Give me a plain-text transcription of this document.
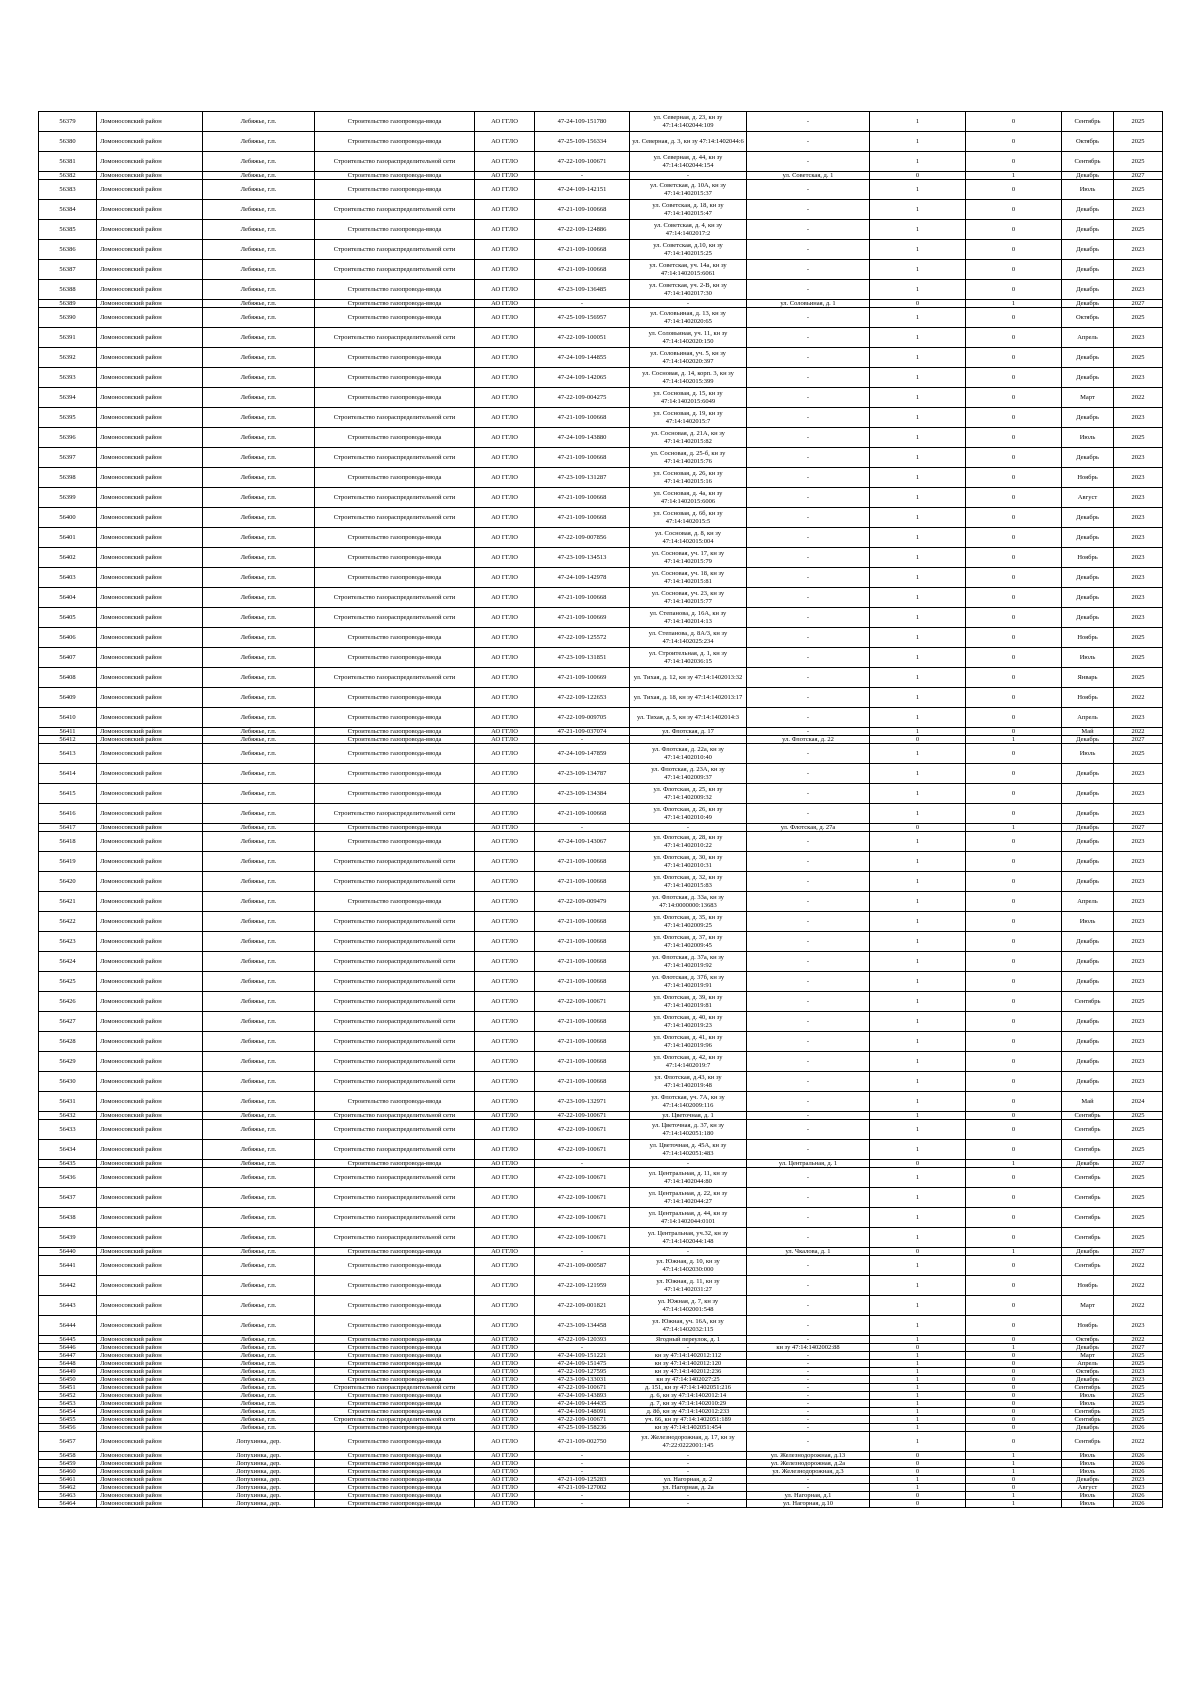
56379	Ломоносовский район	Лебяжье, г.п.	Строительство газопровода-ввода	АО ГГЛО	47-24-109-151780	ул. Северная, д. 23, кн зу 47:14:1402044:109	-	1	0	Сентябрь	2025
56380	Ломоносовский район	Лебяжье, г.п.	Строительство газопровода-ввода	АО ГГЛО	47-25-109-156334	ул. Северная, д. 3, кн зу 47:14:1402044:6	-	1	0	Октябрь	2025
56381	Ломоносовский район	Лебяжье, г.п.	Строительство газораспределительной сети	АО ГГЛО	47-22-109-100671	ул. Северная, д. 44, кн зу 47:14:1402044:154	-	1	0	Сентябрь	2025
56382	Ломоносовский район	Лебяжье, г.п.	Строительство газопровода-ввода	АО ГГЛО	-	-	ул. Советская, д. 1	0	1	Декабрь	2027
56383	Ломоносовский район	Лебяжье, г.п.	Строительство газопровода-ввода	АО ГГЛО	47-24-109-142151	ул. Советская, д. 10А, кн зу 47:14:1402015:37	-	1	0	Июль	2025
56384	Ломоносовский район	Лебяжье, г.п.	Строительство газораспределительной сети	АО ГГЛО	47-21-109-100668	ул. Советская, д. 18, кн зу 47:14:1402015:47	-	1	0	Декабрь	2023
56385	Ломоносовский район	Лебяжье, г.п.	Строительство газопровода-ввода	АО ГГЛО	47-22-109-124886	ул. Советская, д. 4, кн зу 47:14:1402017:2	-	1	0	Декабрь	2025
56386	Ломоносовский район	Лебяжье, г.п.	Строительство газораспределительной сети	АО ГГЛО	47-21-109-100668	ул. Советская, д.10, кн зу 47:14:1402015:25	-	1	0	Декабрь	2023
56387	Ломоносовский район	Лебяжье, г.п.	Строительство газораспределительной сети	АО ГГЛО	47-21-109-100668	ул. Советская, уч. 14а, кн зу 47:14:1402015:6061	-	1	0	Декабрь	2023
56388	Ломоносовский район	Лебяжье, г.п.	Строительство газопровода-ввода	АО ГГЛО	47-23-109-136485	ул. Советская, уч. 2-В, кн зу 47:14:1402017:30	-	1	0	Декабрь	2023
56389	Ломоносовский район	Лебяжье, г.п.	Строительство газопровода-ввода	АО ГГЛО	-	-	ул. Соловьиная, д. 1	0	1	Декабрь	2027
56390	Ломоносовский район	Лебяжье, г.п.	Строительство газопровода-ввода	АО ГГЛО	47-25-109-156957	ул. Соловьиная, д. 13, кн зу 47:14:1402020:65	-	1	0	Октябрь	2025
56391	Ломоносовский район	Лебяжье, г.п.	Строительство газораспределительной сети	АО ГГЛО	47-22-109-100051	ул. Соловьиная, уч. 11, кн зу 47:14:1402020:150	-	1	0	Апрель	2023
56392	Ломоносовский район	Лебяжье, г.п.	Строительство газопровода-ввода	АО ГГЛО	47-24-109-144855	ул. Соловьиная, уч. 5, кн зу 47:14:1402020:397	-	1	0	Декабрь	2025
56393	Ломоносовский район	Лебяжье, г.п.	Строительство газопровода-ввода	АО ГГЛО	47-24-109-142065	ул. Сосновая, д. 14, корп. 3, кн зу 47:14:1402015:399	-	1	0	Декабрь	2023
56394	Ломоносовский район	Лебяжье, г.п.	Строительство газопровода-ввода	АО ГГЛО	47-22-109-004275	ул. Сосновая, д. 15, кн зу 47:14:1402015:6049	-	1	0	Март	2022
56395	Ломоносовский район	Лебяжье, г.п.	Строительство газораспределительной сети	АО ГГЛО	47-21-109-100668	ул. Сосновая, д. 19, кн зу 47:14:1402015:7	-	1	0	Декабрь	2023
56396	Ломоносовский район	Лебяжье, г.п.	Строительство газопровода-ввода	АО ГГЛО	47-24-109-143880	ул. Сосновая, д. 21А, кн зу 47:14:1402015:82	-	1	0	Июль	2025
56397	Ломоносовский район	Лебяжье, г.п.	Строительство газораспределительной сети	АО ГГЛО	47-21-109-100668	ул. Сосновая, д. 25-б, кн зу 47:14:1402015:76	-	1	0	Декабрь	2023
56398	Ломоносовский район	Лебяжье, г.п.	Строительство газопровода-ввода	АО ГГЛО	47-23-109-131287	ул. Сосновая, д. 26, кн зу 47:14:1402015:16	-	1	0	Ноябрь	2023
56399	Ломоносовский район	Лебяжье, г.п.	Строительство газораспределительной сети	АО ГГЛО	47-21-109-100668	ул. Сосновая, д. 4а, кн зу 47:14:1402015:6006	-	1	0	Август	2023
56400	Ломоносовский район	Лебяжье, г.п.	Строительство газораспределительной сети	АО ГГЛО	47-21-109-100668	ул. Сосновая, д. 6б, кн зу 47:14:1402015:5	-	1	0	Декабрь	2023
56401	Ломоносовский район	Лебяжье, г.п.	Строительство газопровода-ввода	АО ГГЛО	47-22-109-007856	ул. Сосновая, д. 8, кн зу 47:14:1402015:004	-	1	0	Декабрь	2023
56402	Ломоносовский район	Лебяжье, г.п.	Строительство газопровода-ввода	АО ГГЛО	47-23-109-134513	ул. Сосновая, уч. 17, кн зу 47:14:1402015:79	-	1	0	Ноябрь	2023
56403	Ломоносовский район	Лебяжье, г.п.	Строительство газопровода-ввода	АО ГГЛО	47-24-109-142978	ул. Сосновая, уч. 18, кн зу 47:14:1402015:81	-	1	0	Декабрь	2023
56404	Ломоносовский район	Лебяжье, г.п.	Строительство газораспределительной сети	АО ГГЛО	47-21-109-100668	ул. Сосновая, уч. 23, кн зу 47:14:1402015:77	-	1	0	Декабрь	2023
56405	Ломоносовский район	Лебяжье, г.п.	Строительство газораспределительной сети	АО ГГЛО	47-21-109-100669	ул. Степанова, д. 16А, кн зу 47:14:1402014:13	-	1	0	Декабрь	2023
56406	Ломоносовский район	Лебяжье, г.п.	Строительство газопровода-ввода	АО ГГЛО	47-22-109-125572	ул. Степанова, д. 8А/3, кн зу 47:14:1402025:234	-	1	0	Ноябрь	2025
56407	Ломоносовский район	Лебяжье, г.п.	Строительство газопровода-ввода	АО ГГЛО	47-23-109-131851	ул. Строительная, д. 1, кн зу 47:14:1402036:15	-	1	0	Июль	2025
56408	Ломоносовский район	Лебяжье, г.п.	Строительство газораспределительной сети	АО ГГЛО	47-21-109-100669	ул. Тихая, д. 12, кн зу 47:14:1402013:32	-	1	0	Январь	2025
56409	Ломоносовский район	Лебяжье, г.п.	Строительство газопровода-ввода	АО ГГЛО	47-22-109-122653	ул. Тихая, д. 18, кн зу 47:14:1402013:17	-	1	0	Ноябрь	2022
56410	Ломоносовский район	Лебяжье, г.п.	Строительство газопровода-ввода	АО ГГЛО	47-22-109-009705	ул. Тихая, д. 5, кн зу 47:14:1402014:3	-	1	0	Апрель	2023
56411	Ломоносовский район	Лебяжье, г.п.	Строительство газопровода-ввода	АО ГГЛО	47-21-109-037074	ул. Флотская, д. 17	-	1	0	Май	2022
56412	Ломоносовский район	Лебяжье, г.п.	Строительство газопровода-ввода	АО ГГЛО	-	-	ул. Флотская, д. 22	0	1	Декабрь	2027
56413	Ломоносовский район	Лебяжье, г.п.	Строительство газопровода-ввода	АО ГГЛО	47-24-109-147859	ул. Флотская, д. 22а, кн зу 47:14:1402010:40	-	1	0	Июль	2025
56414	Ломоносовский район	Лебяжье, г.п.	Строительство газопровода-ввода	АО ГГЛО	47-23-109-134787	ул. Флотская, д. 23А, кн зу 47:14:1402009:37	-	1	0	Декабрь	2023
56415	Ломоносовский район	Лебяжье, г.п.	Строительство газопровода-ввода	АО ГГЛО	47-23-109-134384	ул. Флотская, д. 25, кн зу 47:14:1402009:32	-	1	0	Декабрь	2023
56416	Ломоносовский район	Лебяжье, г.п.	Строительство газораспределительной сети	АО ГГЛО	47-21-109-100668	ул. Флотская, д. 26, кн зу 47:14:1402010:49	-	1	0	Декабрь	2023
56417	Ломоносовский район	Лебяжье, г.п.	Строительство газопровода-ввода	АО ГГЛО	-	-	ул. Флотская, д. 27а	0	1	Декабрь	2027
56418	Ломоносовский район	Лебяжье, г.п.	Строительство газопровода-ввода	АО ГГЛО	47-24-109-143067	ул. Флотская, д. 28, кн зу 47:14:1402010:22	-	1	0	Декабрь	2023
56419	Ломоносовский район	Лебяжье, г.п.	Строительство газораспределительной сети	АО ГГЛО	47-21-109-100668	ул. Флотская, д. 30, кн зу 47:14:1402010:31	-	1	0	Декабрь	2023
56420	Ломоносовский район	Лебяжье, г.п.	Строительство газораспределительной сети	АО ГГЛО	47-21-109-100668	ул. Флотская, д. 32, кн зу 47:14:1402015:83	-	1	0	Декабрь	2023
56421	Ломоносовский район	Лебяжье, г.п.	Строительство газопровода-ввода	АО ГГЛО	47-22-109-009479	ул. Флотская, д. 33а, кн зу 47:14:0000000:13683	-	1	0	Апрель	2023
56422	Ломоносовский район	Лебяжье, г.п.	Строительство газораспределительной сети	АО ГГЛО	47-21-109-100668	ул. Флотская, д. 35, кн зу 47:14:1402009:25	-	1	0	Июль	2023
56423	Ломоносовский район	Лебяжье, г.п.	Строительство газораспределительной сети	АО ГГЛО	47-21-109-100668	ул. Флотская, д. 37, кн зу 47:14:1402009:45	-	1	0	Декабрь	2023
56424	Ломоносовский район	Лебяжье, г.п.	Строительство газораспределительной сети	АО ГГЛО	47-21-109-100668	ул. Флотская, д. 37а, кн зу 47:14:1402019:92	-	1	0	Декабрь	2023
56425	Ломоносовский район	Лебяжье, г.п.	Строительство газораспределительной сети	АО ГГЛО	47-21-109-100668	ул. Флотская, д. 37б, кн зу 47:14:1402019:91	-	1	0	Декабрь	2023
56426	Ломоносовский район	Лебяжье, г.п.	Строительство газораспределительной сети	АО ГГЛО	47-22-109-100671	ул. Флотская, д. 39, кн зу 47:14:1402019:81	-	1	0	Сентябрь	2025
56427	Ломоносовский район	Лебяжье, г.п.	Строительство газораспределительной сети	АО ГГЛО	47-21-109-100668	ул. Флотская, д. 40, кн зу 47:14:1402019:23	-	1	0	Декабрь	2023
56428	Ломоносовский район	Лебяжье, г.п.	Строительство газораспределительной сети	АО ГГЛО	47-21-109-100668	ул. Флотская, д. 41, кн зу 47:14:1402019:96	-	1	0	Декабрь	2023
56429	Ломоносовский район	Лебяжье, г.п.	Строительство газораспределительной сети	АО ГГЛО	47-21-109-100668	ул. Флотская, д. 42, кн зу 47:14:1402019:7	-	1	0	Декабрь	2023
56430	Ломоносовский район	Лебяжье, г.п.	Строительство газораспределительной сети	АО ГГЛО	47-21-109-100668	ул. Флотская, д.43, кн зу 47:14:1402019:48	-	1	0	Декабрь	2023
56431	Ломоносовский район	Лебяжье, г.п.	Строительство газопровода-ввода	АО ГГЛО	47-23-109-132971	ул. Флотская, уч. 7А, кн зу 47:14:1402009:116	-	1	0	Май	2024
56432	Ломоносовский район	Лебяжье, г.п.	Строительство газораспределительной сети	АО ГГЛО	47-22-109-100671	ул. Цветочная, д. 1	-	1	0	Сентябрь	2025
56433	Ломоносовский район	Лебяжье, г.п.	Строительство газораспределительной сети	АО ГГЛО	47-22-109-100671	ул. Цветочная, д. 37, кн зу 47:14:1402051:180	-	1	0	Сентябрь	2025
56434	Ломоносовский район	Лебяжье, г.п.	Строительство газораспределительной сети	АО ГГЛО	47-22-109-100671	ул. Цветочная, д. 45А, кн зу 47:14:1402051:483	-	1	0	Сентябрь	2025
56435	Ломоносовский район	Лебяжье, г.п.	Строительство газопровода-ввода	АО ГГЛО	-	-	ул. Центральная, д. 1	0	1	Декабрь	2027
56436	Ломоносовский район	Лебяжье, г.п.	Строительство газораспределительной сети	АО ГГЛО	47-22-109-100671	ул. Центральная, д. 11, кн зу 47:14:1402044:80	-	1	0	Сентябрь	2025
56437	Ломоносовский район	Лебяжье, г.п.	Строительство газораспределительной сети	АО ГГЛО	47-22-109-100671	ул. Центральная, д. 22, кн зу 47:14:1402044:27	-	1	0	Сентябрь	2025
56438	Ломоносовский район	Лебяжье, г.п.	Строительство газораспределительной сети	АО ГГЛО	47-22-109-100671	ул. Центральная, д. 44, кн зу 47:14:1402044:0101	-	1	0	Сентябрь	2025
56439	Ломоносовский район	Лебяжье, г.п.	Строительство газораспределительной сети	АО ГГЛО	47-22-109-100671	ул. Центральная, уч.32, кн зу 47:14:1402044:148	-	1	0	Сентябрь	2025
56440	Ломоносовский район	Лебяжье, г.п.	Строительство газопровода-ввода	АО ГГЛО	-	-	ул. Чкалова, д. 1	0	1	Декабрь	2027
56441	Ломоносовский район	Лебяжье, г.п.	Строительство газопровода-ввода	АО ГГЛО	47-21-109-000587	ул. Южная, д. 10, кн зу 47:14:1402030:000	-	1	0	Сентябрь	2022
56442	Ломоносовский район	Лебяжье, г.п.	Строительство газопровода-ввода	АО ГГЛО	47-22-109-121959	ул. Южная, д. 11, кн зу 47:14:1402031:27	-	1	0	Ноябрь	2022
56443	Ломоносовский район	Лебяжье, г.п.	Строительство газопровода-ввода	АО ГГЛО	47-22-109-001821	ул. Южная, д. 7, кн зу 47:14:1402001:548	-	1	0	Март	2022
56444	Ломоносовский район	Лебяжье, г.п.	Строительство газопровода-ввода	АО ГГЛО	47-23-109-134458	ул. Южная, уч. 16А, кн зу 47:14:1402032:115	-	1	0	Ноябрь	2023
56445	Ломоносовский район	Лебяжье, г.п.	Строительство газопровода-ввода	АО ГГЛО	47-22-109-120393	Ягодный переулок, д. 1	-	1	0	Октябрь	2022
56446	Ломоносовский район	Лебяжье, г.п.	Строительство газопровода-ввода	АО ГГЛО	-	-	кн зу 47:14:1402002:88	0	1	Декабрь	2027
56447	Ломоносовский район	Лебяжье, г.п.	Строительство газопровода-ввода	АО ГГЛО	47-24-109-151221	кн зу 47:14:1402012:112	-	1	0	Март	2025
56448	Ломоносовский район	Лебяжье, г.п.	Строительство газопровода-ввода	АО ГГЛО	47-24-109-151475	кн зу 47:14:1402012:120	-	1	0	Апрель	2025
56449	Ломоносовский район	Лебяжье, г.п.	Строительство газопровода-ввода	АО ГГЛО	47-22-109-127595	кн зу 47:14:1402012:236	-	1	0	Октябрь	2023
56450	Ломоносовский район	Лебяжье, г.п.	Строительство газопровода-ввода	АО ГГЛО	47-23-109-133031	кн зу 47:14:1402027:25	-	1	0	Декабрь	2023
56451	Ломоносовский район	Лебяжье, г.п.	Строительство газораспределительной сети	АО ГГЛО	47-22-109-100671	д. 151, кн зу 47:14:1402051:216	-	1	0	Сентябрь	2025
56452	Ломоносовский район	Лебяжье, г.п.	Строительство газопровода-ввода	АО ГГЛО	47-24-109-143893	д. 6, кн зу 47:14:1402012:14	-	1	0	Июль	2025
56453	Ломоносовский район	Лебяжье, г.п.	Строительство газопровода-ввода	АО ГГЛО	47-24-109-144435	д. 7, кн зу 47:14:1402010:29	-	1	0	Июль	2025
56454	Ломоносовский район	Лебяжье, г.п.	Строительство газопровода-ввода	АО ГГЛО	47-24-109-148091	д. 8б, кн зу 47:14:1402012:233	-	1	0	Сентябрь	2025
56455	Ломоносовский район	Лебяжье, г.п.	Строительство газораспределительной сети	АО ГГЛО	47-22-109-100671	уч. 66, кн зу 47:14:1402051:189	-	1	0	Сентябрь	2025
56456	Ломоносовский район	Лебяжье, г.п.	Строительство газопровода-ввода	АО ГГЛО	47-25-109-158236	кн зу 47:14:1402051:454	-	1	0	Декабрь	2026
56457	Ломоносовский район	Лопухинка, дер.	Строительство газопровода-ввода	АО ГГЛО	47-21-109-002750	ул. Железнодорожная, д. 17, кн зу 47:22:0222001:145	-	1	0	Сентябрь	2022
56458	Ломоносовский район	Лопухинка, дер.	Строительство газопровода-ввода	АО ГГЛО	-	-	ул. Железнодорожная, д.13	0	1	Июль	2026
56459	Ломоносовский район	Лопухинка, дер.	Строительство газопровода-ввода	АО ГГЛО	-	-	ул. Железнодорожная, д.2а	0	1	Июль	2026
56460	Ломоносовский район	Лопухинка, дер.	Строительство газопровода-ввода	АО ГГЛО	-	-	ул. Железнодорожная, д.3	0	1	Июль	2026
56461	Ломоносовский район	Лопухинка, дер.	Строительство газопровода-ввода	АО ГГЛО	47-21-109-125283	ул. Нагорная, д. 2	-	1	0	Декабрь	2023
56462	Ломоносовский район	Лопухинка, дер.	Строительство газопровода-ввода	АО ГГЛО	47-21-109-127002	ул. Нагорная, д. 2а	-	1	0	Август	2023
56463	Ломоносовский район	Лопухинка, дер.	Строительство газопровода-ввода	АО ГГЛО	-	-	ул. Нагорная, д.1	0	1	Июль	2026
56464	Ломоносовский район	Лопухинка, дер.	Строительство газопровода-ввода	АО ГГЛО	-	-	ул. Нагорная, д.10	0	1	Июль	2026
